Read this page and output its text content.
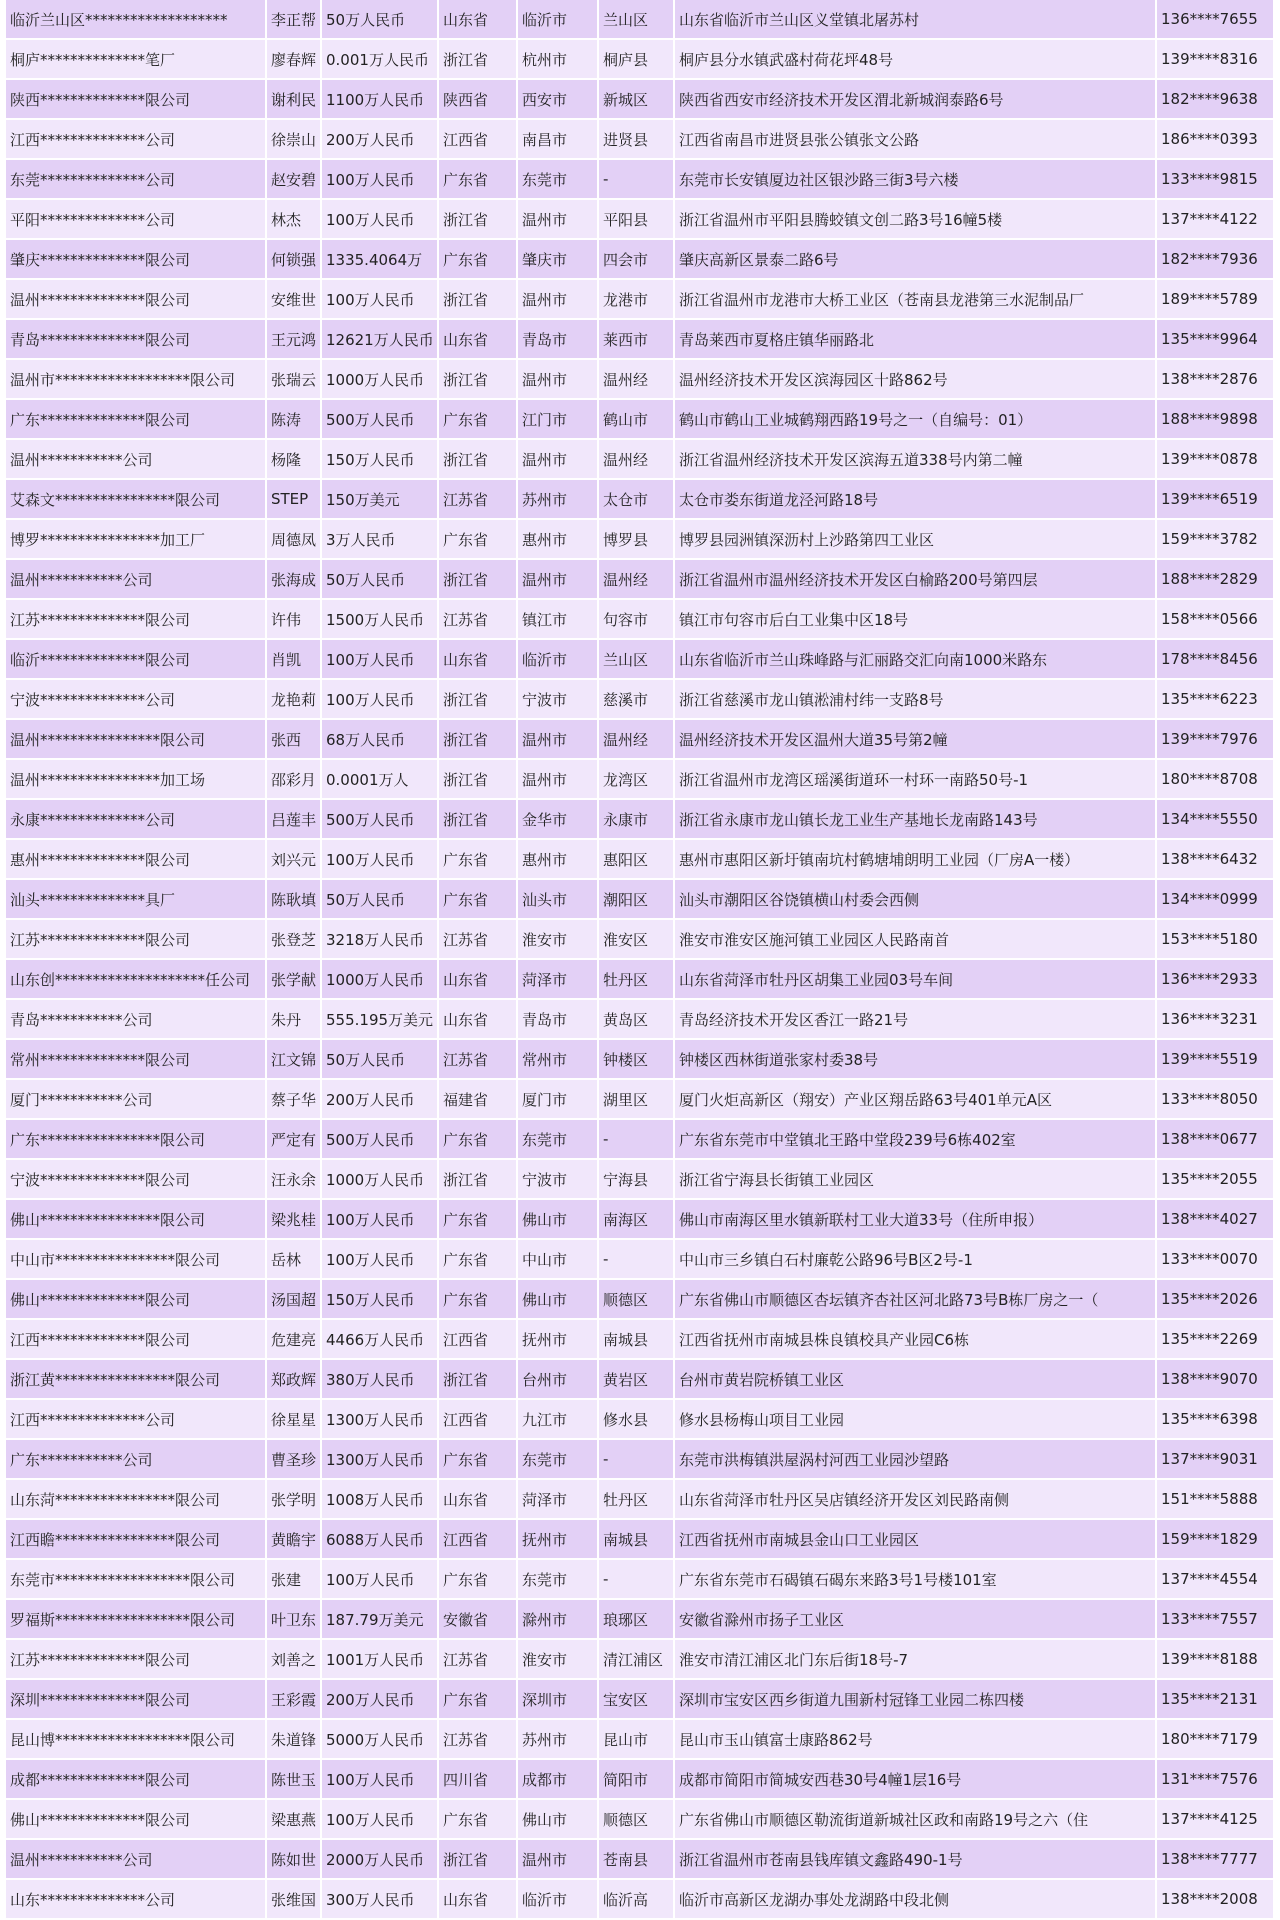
临沂兰山区*******************	李正帮	50万人民币	山东省	临沂市	兰山区	山东省临沂市兰山区义堂镇北屠苏村	136****7655
桐庐**************笔厂	廖春辉	0.001万人民币	浙江省	杭州市	桐庐县	桐庐县分水镇武盛村荷花坪48号	139****8316
陕西**************限公司	谢利民	1100万人民币	陕西省	西安市	新城区	陕西省西安市经济技术开发区渭北新城润泰路6号	182****9638
江西**************公司	徐崇山	200万人民币	江西省	南昌市	进贤县	江西省南昌市进贤县张公镇张文公路	186****0393
东莞**************公司	赵安碧	100万人民币	广东省	东莞市	-	东莞市长安镇厦边社区银沙路三街3号六楼	133****9815
平阳**************公司	林杰	100万人民币	浙江省	温州市	平阳县	浙江省温州市平阳县腾蛟镇文创二路3号16幢5楼	137****4122
肇庆**************限公司	何锁强	1335.4064万	广东省	肇庆市	四会市	肇庆高新区景泰二路6号	182****7936
温州**************限公司	安维世	100万人民币	浙江省	温州市	龙港市	浙江省温州市龙港市大桥工业区（苍南县龙港第三水泥制品厂	189****5789
青岛**************限公司	王元鸿	12621万人民币	山东省	青岛市	莱西市	青岛莱西市夏格庄镇华丽路北	135****9964
温州市******************限公司	张瑞云	1000万人民币	浙江省	温州市	温州经	温州经济技术开发区滨海园区十路862号	138****2876
广东**************限公司	陈涛	500万人民币	广东省	江门市	鹤山市	鹤山市鹤山工业城鹤翔西路19号之一（自编号：01）	188****9898
温州***********公司	杨隆	150万人民币	浙江省	温州市	温州经	浙江省温州经济技术开发区滨海五道338号内第二幢	139****0878
艾森文****************限公司	STEP	150万美元	江苏省	苏州市	太仓市	太仓市娄东街道龙泾河路18号	139****6519
博罗****************加工厂	周德凤	3万人民币	广东省	惠州市	博罗县	博罗县园洲镇深沥村上沙路第四工业区	159****3782
温州***********公司	张海成	50万人民币	浙江省	温州市	温州经	浙江省温州市温州经济技术开发区白榆路200号第四层	188****2829
江苏**************限公司	许伟	1500万人民币	江苏省	镇江市	句容市	镇江市句容市后白工业集中区18号	158****0566
临沂**************限公司	肖凯	100万人民币	山东省	临沂市	兰山区	山东省临沂市兰山珠峰路与汇丽路交汇向南1000米路东	178****8456
宁波**************公司	龙艳莉	100万人民币	浙江省	宁波市	慈溪市	浙江省慈溪市龙山镇淞浦村纬一支路8号	135****6223
温州****************限公司	张西	68万人民币	浙江省	温州市	温州经	温州经济技术开发区温州大道35号第2幢	139****7976
温州****************加工场	邵彩月	0.0001万人	浙江省	温州市	龙湾区	浙江省温州市龙湾区瑶溪街道环一村环一南路50号-1	180****8708
永康**************公司	吕莲丰	500万人民币	浙江省	金华市	永康市	浙江省永康市龙山镇长龙工业生产基地长龙南路143号	134****5550
惠州**************限公司	刘兴元	100万人民币	广东省	惠州市	惠阳区	惠州市惠阳区新圩镇南坑村鹤塘埔朗明工业园（厂房A一楼）	138****6432
汕头**************具厂	陈耿填	50万人民币	广东省	汕头市	潮阳区	汕头市潮阳区谷饶镇横山村委会西侧	134****0999
江苏**************限公司	张登芝	3218万人民币	江苏省	淮安市	淮安区	淮安市淮安区施河镇工业园区人民路南首	153****5180
山东创********************任公司	张学献	1000万人民币	山东省	菏泽市	牡丹区	山东省菏泽市牡丹区胡集工业园03号车间	136****2933
青岛***********公司	朱丹	555.195万美元	山东省	青岛市	黄岛区	青岛经济技术开发区香江一路21号	136****3231
常州**************限公司	江文锦	50万人民币	江苏省	常州市	钟楼区	钟楼区西林街道张家村委38号	139****5519
厦门***********公司	蔡子华	200万人民币	福建省	厦门市	湖里区	厦门火炬高新区（翔安）产业区翔岳路63号401单元A区	133****8050
广东****************限公司	严定有	500万人民币	广东省	东莞市	-	广东省东莞市中堂镇北王路中堂段239号6栋402室	138****0677
宁波**************限公司	汪永余	1000万人民币	浙江省	宁波市	宁海县	浙江省宁海县长街镇工业园区	135****2055
佛山****************限公司	梁兆桂	100万人民币	广东省	佛山市	南海区	佛山市南海区里水镇新联村工业大道33号（住所申报）	138****4027
中山市****************限公司	岳林	100万人民币	广东省	中山市	-	中山市三乡镇白石村廉乾公路96号B区2号-1	133****0070
佛山**************限公司	汤国超	150万人民币	广东省	佛山市	顺德区	广东省佛山市顺德区杏坛镇齐杏社区河北路73号B栋厂房之一（	135****2026
江西**************限公司	危建亮	4466万人民币	江西省	抚州市	南城县	江西省抚州市南城县株良镇校具产业园C6栋	135****2269
浙江黄****************限公司	郑政辉	380万人民币	浙江省	台州市	黄岩区	台州市黄岩院桥镇工业区	138****9070
江西**************公司	徐星星	1300万人民币	江西省	九江市	修水县	修水县杨梅山项目工业园	135****6398
广东***********公司	曹圣珍	1300万人民币	广东省	东莞市	-	东莞市洪梅镇洪屋涡村河西工业园沙望路	137****9031
山东菏****************限公司	张学明	1008万人民币	山东省	菏泽市	牡丹区	山东省菏泽市牡丹区吴店镇经济开发区刘民路南侧	151****5888
江西瞻****************限公司	黄瞻宇	6088万人民币	江西省	抚州市	南城县	江西省抚州市南城县金山口工业园区	159****1829
东莞市******************限公司	张建	100万人民币	广东省	东莞市	-	广东省东莞市石碣镇石碣东来路3号1号楼101室	137****4554
罗福斯******************限公司	叶卫东	187.79万美元	安徽省	滁州市	琅琊区	安徽省滁州市扬子工业区	133****7557
江苏**************限公司	刘善之	1001万人民币	江苏省	淮安市	清江浦区	淮安市清江浦区北门东后街18号-7	139****8188
深圳**************限公司	王彩霞	200万人民币	广东省	深圳市	宝安区	深圳市宝安区西乡街道九围新村冠锋工业园二栋四楼	135****2131
昆山博******************限公司	朱道锋	5000万人民币	江苏省	苏州市	昆山市	昆山市玉山镇富士康路862号	180****7179
成都**************限公司	陈世玉	100万人民币	四川省	成都市	简阳市	成都市简阳市简城安西巷30号4幢1层16号	131****7576
佛山**************限公司	梁惠燕	100万人民币	广东省	佛山市	顺德区	广东省佛山市顺德区勒流街道新城社区政和南路19号之六（住	137****4125
温州***********公司	陈如世	2000万人民币	浙江省	温州市	苍南县	浙江省温州市苍南县钱库镇文鑫路490-1号	138****7777
山东**************公司	张维国	300万人民币	山东省	临沂市	临沂高	临沂市高新区龙湖办事处龙湖路中段北侧	138****2008
